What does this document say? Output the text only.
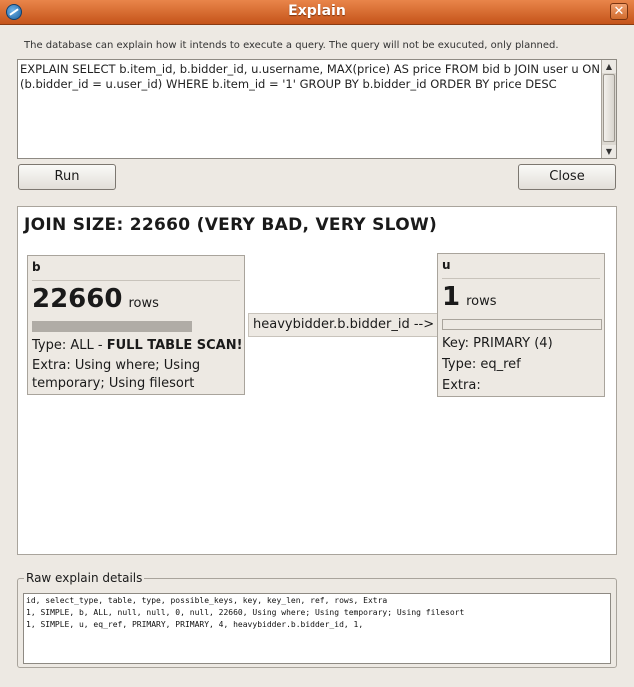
Explain	✕
The database can explain how it intends to execute a query. The query will not be exucuted, only planned.
EXPLAIN SELECT b.item_id, b.bidder_id, u.username, MAX(price) AS price FROM bid b JOIN user u ON (b.bidder_id = u.user_id) WHERE b.item_id = '1' GROUP BY b.bidder_id ORDER BY price DESC
▲
▼
Run	Close
JOIN SIZE: 22660 (VERY BAD, VERY SLOW)
b
22660 rows
Type: ALL - FULL TABLE SCAN!
Extra: Using where; Using temporary; Using filesort
heavybidder.b.bidder_id -->
u
1 rows
Key: PRIMARY (4)
Type: eq_ref
Extra:
Raw explain details
id, select_type, table, type, possible_keys, key, key_len, ref, rows, Extra
1, SIMPLE, b, ALL, null, null, 0, null, 22660, Using where; Using temporary; Using filesort
1, SIMPLE, u, eq_ref, PRIMARY, PRIMARY, 4, heavybidder.b.bidder_id, 1,
